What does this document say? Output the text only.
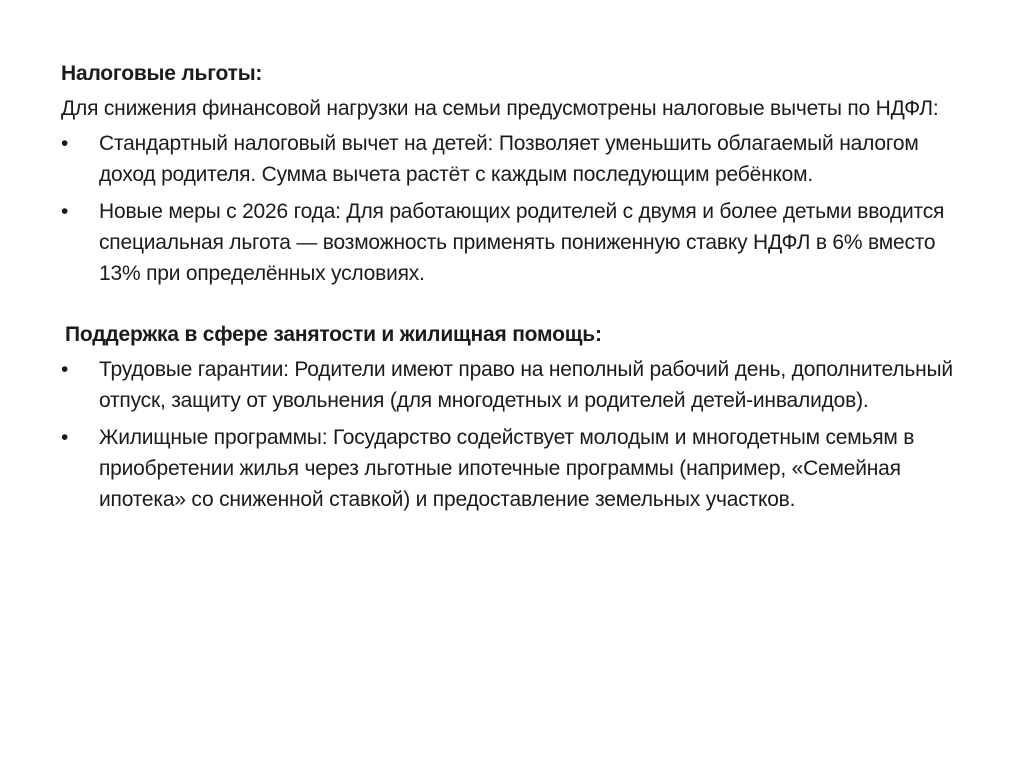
Налоговые льготы:
Для снижения финансовой нагрузки на семьи предусмотрены налоговые вычеты по НДФЛ:
•	Стандартный налоговый вычет на детей: Позволяет уменьшить облагаемый налогом доход родителя. Сумма вычета растёт с каждым последующим ребёнком.
•	Новые меры с 2026 года: Для работающих родителей с двумя и более детьми вводится специальная льгота — возможность применять пониженную ставку НДФЛ в 6% вместо 13% при определённых условиях.
Поддержка в сфере занятости и жилищная помощь:
•	Трудовые гарантии: Родители имеют право на неполный рабочий день, дополнительный отпуск, защиту от увольнения (для многодетных и родителей детей-инвалидов).
•	Жилищные программы: Государство содействует молодым и многодетным семьям в приобретении жилья через льготные ипотечные программы (например, «Семейная ипотека» со сниженной ставкой) и предоставление земельных участков.
